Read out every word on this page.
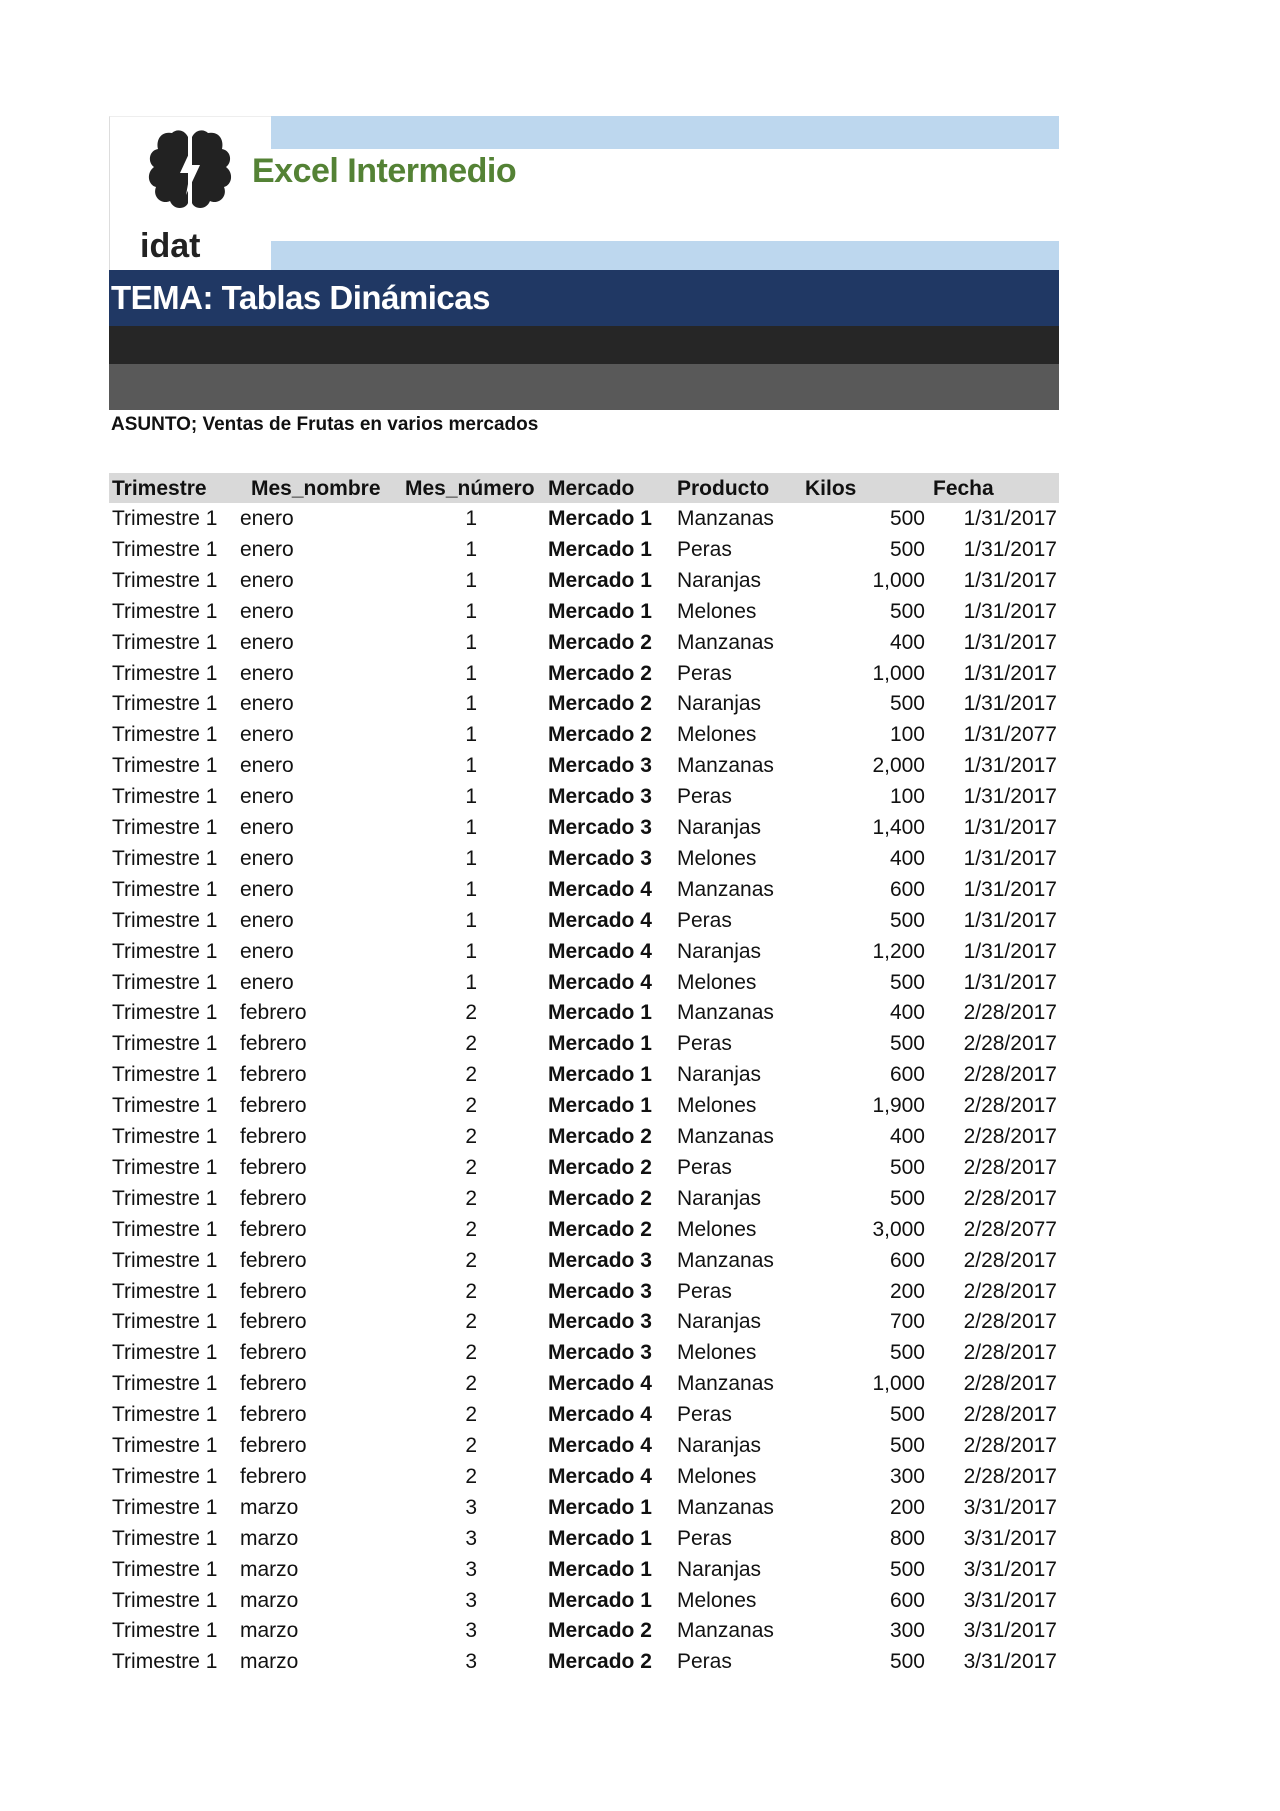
idat
Excel Intermedio
TEMA: Tablas Dinámicas
ASUNTO; Ventas de Frutas en varios mercados
Trimestre Mes_nombre Mes_número Mercado Producto Kilos	Fecha
Trimestre 1 enero	1	Mercado 1 Manzanas	500 1/31/2017
Trimestre 1 enero	1	Mercado 1 Peras	500 1/31/2017
Trimestre 1 enero	1	Mercado 1 Naranjas	1,000 1/31/2017
Trimestre 1 enero	1	Mercado 1 Melones	500 1/31/2017
Trimestre 1 enero	1	Mercado 2 Manzanas	400 1/31/2017
Trimestre 1 enero	1	Mercado 2 Peras	1,000 1/31/2017
Trimestre 1 enero	1	Mercado 2 Naranjas	500 1/31/2017
Trimestre 1 enero	1	Mercado 2 Melones	100 1/31/2077
Trimestre 1 enero	1	Mercado 3 Manzanas	2,000 1/31/2017
Trimestre 1 enero	1	Mercado 3 Peras	100 1/31/2017
Trimestre 1 enero	1	Mercado 3 Naranjas	1,400 1/31/2017
Trimestre 1 enero	1	Mercado 3 Melones	400 1/31/2017
Trimestre 1 enero	1	Mercado 4 Manzanas	600 1/31/2017
Trimestre 1 enero	1	Mercado 4 Peras	500 1/31/2017
Trimestre 1 enero	1	Mercado 4 Naranjas	1,200 1/31/2017
Trimestre 1 enero	1	Mercado 4 Melones	500 1/31/2017
Trimestre 1 febrero	2	Mercado 1 Manzanas	400 2/28/2017
Trimestre 1 febrero	2	Mercado 1 Peras	500 2/28/2017
Trimestre 1 febrero	2	Mercado 1 Naranjas	600 2/28/2017
Trimestre 1 febrero	2	Mercado 1 Melones	1,900 2/28/2017
Trimestre 1 febrero	2	Mercado 2 Manzanas	400 2/28/2017
Trimestre 1 febrero	2	Mercado 2 Peras	500 2/28/2017
Trimestre 1 febrero	2	Mercado 2 Naranjas	500 2/28/2017
Trimestre 1 febrero	2	Mercado 2 Melones	3,000 2/28/2077
Trimestre 1 febrero	2	Mercado 3 Manzanas	600 2/28/2017
Trimestre 1 febrero	2	Mercado 3 Peras	200 2/28/2017
Trimestre 1 febrero	2	Mercado 3 Naranjas	700 2/28/2017
Trimestre 1 febrero	2	Mercado 3 Melones	500 2/28/2017
Trimestre 1 febrero	2	Mercado 4 Manzanas	1,000 2/28/2017
Trimestre 1 febrero	2	Mercado 4 Peras	500 2/28/2017
Trimestre 1 febrero	2	Mercado 4 Naranjas	500 2/28/2017
Trimestre 1 febrero	2	Mercado 4 Melones	300 2/28/2017
Trimestre 1 marzo	3	Mercado 1 Manzanas	200 3/31/2017
Trimestre 1 marzo	3	Mercado 1 Peras	800 3/31/2017
Trimestre 1 marzo	3	Mercado 1 Naranjas	500 3/31/2017
Trimestre 1 marzo	3	Mercado 1 Melones	600 3/31/2017
Trimestre 1 marzo	3	Mercado 2 Manzanas	300 3/31/2017
Trimestre 1 marzo	3	Mercado 2 Peras	500 3/31/2017
